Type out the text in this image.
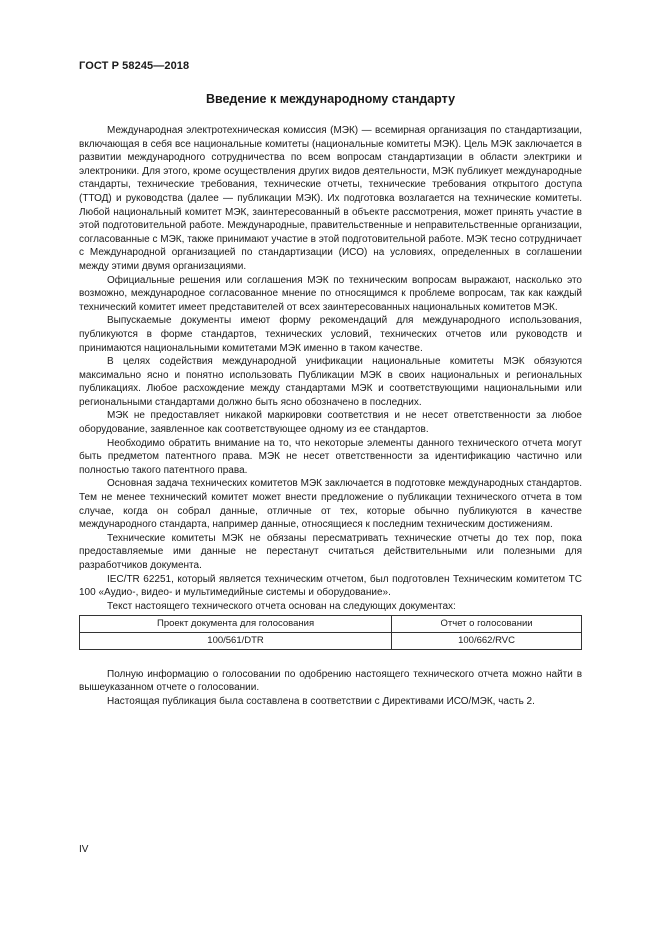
ГОСТ Р 58245—2018
Введение к международному стандарту

Международная электротехническая комиссия (МЭК) — всемирная организация по стандартизации, включающая в себя все национальные комитеты (национальные комитеты МЭК). Цель МЭК заключается в развитии международного сотрудничества по всем вопросам стандартизации в области электрики и электроники. Для этого, кроме осуществления других видов деятельности, МЭК публикует международные стандарты, технические требования, технические отчеты, технические требования открытого доступа (ТТОД) и руководства (далее — публикации МЭК). Их подготовка возлагается на технические комитеты. Любой национальный комитет МЭК, заинтересованный в объекте рассмотрения, может принять участие в этой подготовительной работе. Международные, правительственные и неправительственные организации, согласованные с МЭК, также принимают участие в этой подготовительной работе. МЭК тесно сотрудничает с Международной организацией по стандартизации (ИСО) на условиях, определенных в соглашении между этими двумя организациями.

Официальные решения или соглашения МЭК по техническим вопросам выражают, насколько это возможно, международное согласованное мнение по относящимся к проблеме вопросам, так как каждый технический комитет имеет представителей от всех заинтересованных национальных комитетов МЭК.

Выпускаемые документы имеют форму рекомендаций для международного использования, публикуются в форме стандартов, технических условий, технических отчетов или руководств и принимаются национальными комитетами МЭК именно в таком качестве.

В целях содействия международной унификации национальные комитеты МЭК обязуются максимально ясно и понятно использовать Публикации МЭК в своих национальных и региональных публикациях. Любое расхождение между стандартами МЭК и соответствующими национальными или региональными стандартами должно быть ясно обозначено в последних.

МЭК не предоставляет никакой маркировки соответствия и не несет ответственности за любое оборудование, заявленное как соответствующее одному из ее стандартов.

Необходимо обратить внимание на то, что некоторые элементы данного технического отчета могут быть предметом патентного права. МЭК не несет ответственности за идентификацию частично или полностью такого патентного права.

Основная задача технических комитетов МЭК заключается в подготовке международных стандартов. Тем не менее технический комитет может внести предложение о публикации технического отчета в том случае, когда он собрал данные, отличные от тех, которые обычно публикуются в качестве международного стандарта, например данные, относящиеся к последним техническим достижениям.

Технические комитеты МЭК не обязаны пересматривать технические отчеты до тех пор, пока предоставляемые ими данные не перестанут считаться действительными или полезными для разработчиков документа.

IEC/TR 62251, который является техническим отчетом, был подготовлен Техническим комитетом TC 100 «Аудио-, видео- и мультимедийные системы и оборудование».

Текст настоящего технического отчета основан на следующих документах:

Проект документа для голосования	Отчет о голосовании
100/561/DTR	100/662/RVC

Полную информацию о голосовании по одобрению настоящего технического отчета можно найти в вышеуказанном отчете о голосовании.

Настоящая публикация была составлена в соответствии с Директивами ИСО/МЭК, часть 2.

IV
